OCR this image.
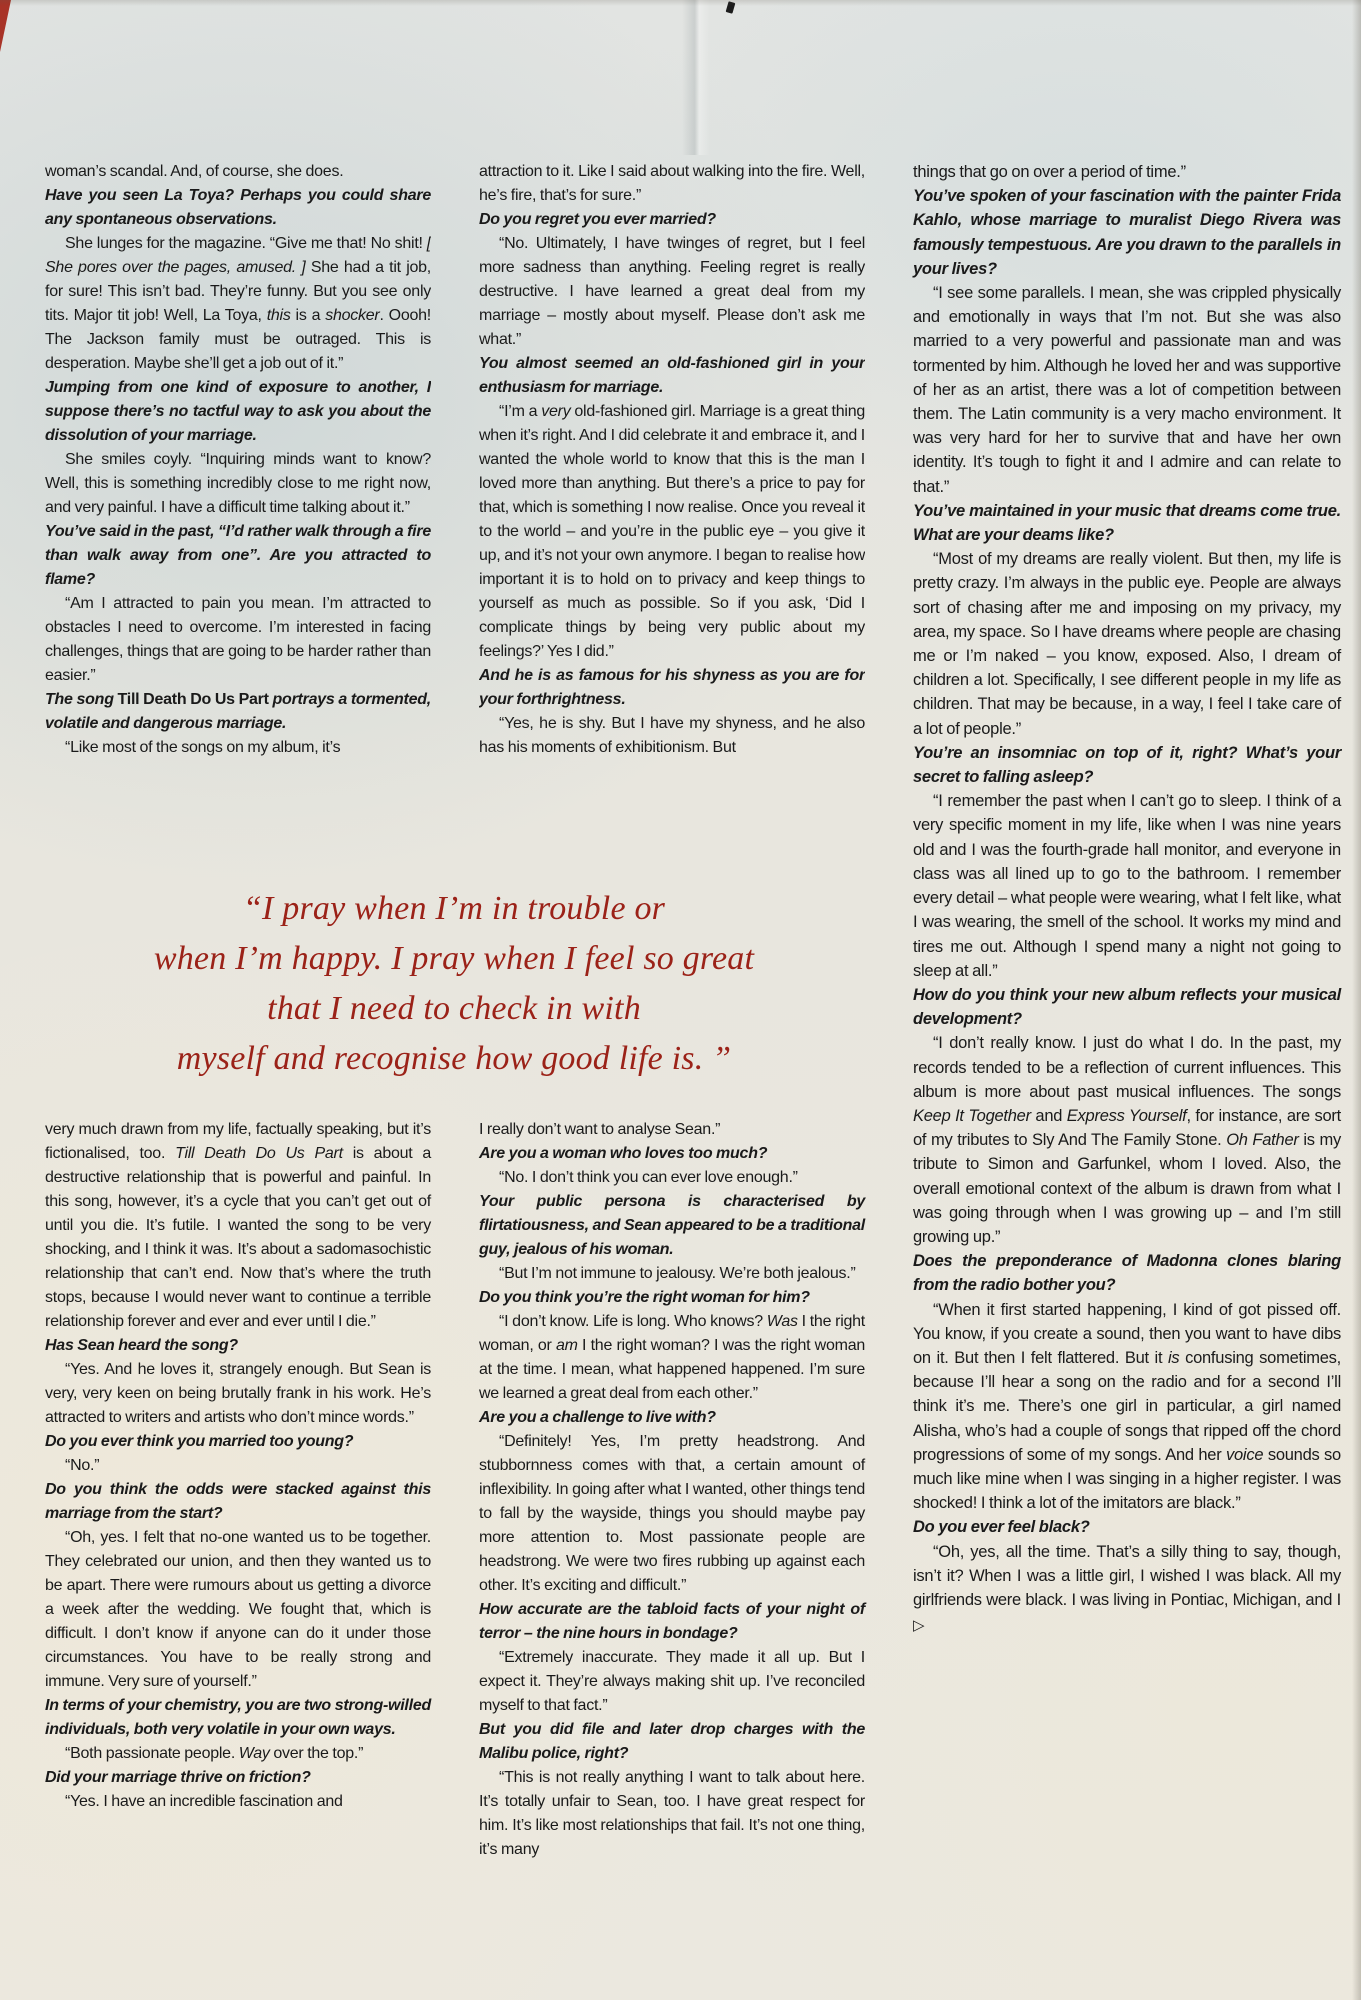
woman’s scandal. And, of course, she does.

Have you seen La Toya? Perhaps you could share any spontaneous observations.

She lunges for the magazine. “Give me that! No shit! [ She pores over the pages, amused. ] She had a tit job, for sure! This isn’t bad. They’re funny. But you see only tits. Major tit job! Well, La Toya, this is a shocker. Oooh! The Jackson family must be outraged. This is desperation. Maybe she’ll get a job out of it.”

Jumping from one kind of exposure to another, I suppose there’s no tactful way to ask you about the dissolution of your marriage.

She smiles coyly. “Inquiring minds want to know? Well, this is something incredibly close to me right now, and very painful. I have a difficult time talking about it.”

You’ve said in the past, “I’d rather walk through a fire than walk away from one”. Are you attracted to flame?

“Am I attracted to pain you mean. I’m attracted to obstacles I need to overcome. I’m interested in facing challenges, things that are going to be harder rather than easier.”

The song Till Death Do Us Part portrays a tormented, volatile and dangerous marriage.

“Like most of the songs on my album, it’s

attraction to it. Like I said about walking into the fire. Well, he’s fire, that’s for sure.”

Do you regret you ever married?

“No. Ultimately, I have twinges of regret, but I feel more sadness than anything. Feeling regret is really destructive. I have learned a great deal from my marriage – mostly about myself. Please don’t ask me what.”

You almost seemed an old-fashioned girl in your enthusiasm for marriage.

“I’m a very old-fashioned girl. Marriage is a great thing when it’s right. And I did celebrate it and embrace it, and I wanted the whole world to know that this is the man I loved more than anything. But there’s a price to pay for that, which is something I now realise. Once you reveal it to the world – and you’re in the public eye – you give it up, and it’s not your own anymore. I began to realise how important it is to hold on to privacy and keep things to yourself as much as possible. So if you ask, ‘Did I complicate things by being very public about my feelings?’ Yes I did.”

And he is as famous for his shyness as you are for your forthrightness.

“Yes, he is shy. But I have my shyness, and he also has his moments of exhibitionism. But

“I pray when I’m in trouble or
when I’m happy. I pray when I feel so great
that I need to check in with
myself and recognise how good life is. ”

very much drawn from my life, factually speaking, but it’s fictionalised, too. Till Death Do Us Part is about a destructive relationship that is powerful and painful. In this song, however, it’s a cycle that you can’t get out of until you die. It’s futile. I wanted the song to be very shocking, and I think it was. It’s about a sadomasochistic relationship that can’t end. Now that’s where the truth stops, because I would never want to continue a terrible relationship forever and ever and ever until I die.”

Has Sean heard the song?

“Yes. And he loves it, strangely enough. But Sean is very, very keen on being brutally frank in his work. He’s attracted to writers and artists who don’t mince words.”

Do you ever think you married too young?

“No.”

Do you think the odds were stacked against this marriage from the start?

“Oh, yes. I felt that no-one wanted us to be together. They celebrated our union, and then they wanted us to be apart. There were rumours about us getting a divorce a week after the wedding. We fought that, which is difficult. I don’t know if anyone can do it under those circumstances. You have to be really strong and immune. Very sure of yourself.”

In terms of your chemistry, you are two strong-willed individuals, both very volatile in your own ways.

“Both passionate people. Way over the top.”

Did your marriage thrive on friction?

“Yes. I have an incredible fascination and

I really don’t want to analyse Sean.”

Are you a woman who loves too much?

“No. I don’t think you can ever love enough.”

Your public persona is characterised by flirtatiousness, and Sean appeared to be a traditional guy, jealous of his woman.

“But I’m not immune to jealousy. We’re both jealous.”

Do you think you’re the right woman for him?

“I don’t know. Life is long. Who knows? Was I the right woman, or am I the right woman? I was the right woman at the time. I mean, what happened happened. I’m sure we learned a great deal from each other.”

Are you a challenge to live with?

“Definitely! Yes, I’m pretty headstrong. And stubbornness comes with that, a certain amount of inflexibility. In going after what I wanted, other things tend to fall by the wayside, things you should maybe pay more attention to. Most passionate people are headstrong. We were two fires rubbing up against each other. It’s exciting and difficult.”

How accurate are the tabloid facts of your night of terror – the nine hours in bondage?

“Extremely inaccurate. They made it all up. But I expect it. They’re always making shit up. I’ve reconciled myself to that fact.”

But you did file and later drop charges with the Malibu police, right?

“This is not really anything I want to talk about here. It’s totally unfair to Sean, too. I have great respect for him. It’s like most relationships that fail. It’s not one thing, it’s many

things that go on over a period of time.”

You’ve spoken of your fascination with the painter Frida Kahlo, whose marriage to muralist Diego Rivera was famously tempestuous. Are you drawn to the parallels in your lives?

“I see some parallels. I mean, she was crippled physically and emotionally in ways that I’m not. But she was also married to a very powerful and passionate man and was tormented by him. Although he loved her and was supportive of her as an artist, there was a lot of competition between them. The Latin community is a very macho environment. It was very hard for her to survive that and have her own identity. It’s tough to fight it and I admire and can relate to that.”

You’ve maintained in your music that dreams come true. What are your deams like?

“Most of my dreams are really violent. But then, my life is pretty crazy. I’m always in the public eye. People are always sort of chasing after me and imposing on my privacy, my area, my space. So I have dreams where people are chasing me or I’m naked – you know, exposed. Also, I dream of children a lot. Specifically, I see different people in my life as children. That may be because, in a way, I feel I take care of a lot of people.”

You’re an insomniac on top of it, right? What’s your secret to falling asleep?

“I remember the past when I can’t go to sleep. I think of a very specific moment in my life, like when I was nine years old and I was the fourth-grade hall monitor, and everyone in class was all lined up to go to the bathroom. I remember every detail – what people were wearing, what I felt like, what I was wearing, the smell of the school. It works my mind and tires me out. Although I spend many a night not going to sleep at all.”

How do you think your new album reflects your musical development?

“I don’t really know. I just do what I do. In the past, my records tended to be a reflection of current influences. This album is more about past musical influences. The songs Keep It Together and Express Yourself, for instance, are sort of my tributes to Sly And The Family Stone. Oh Father is my tribute to Simon and Garfunkel, whom I loved. Also, the overall emotional context of the album is drawn from what I was going through when I was growing up – and I’m still growing up.”

Does the preponderance of Madonna clones blaring from the radio bother you?

“When it first started happening, I kind of got pissed off. You know, if you create a sound, then you want to have dibs on it. But then I felt flattered. But it is confusing sometimes, because I’ll hear a song on the radio and for a second I’ll think it’s me. There’s one girl in particular, a girl named Alisha, who’s had a couple of songs that ripped off the chord progressions of some of my songs. And her voice sounds so much like mine when I was singing in a higher register. I was shocked! I think a lot of the imitators are black.”

Do you ever feel black?

“Oh, yes, all the time. That’s a silly thing to say, though, isn’t it? When I was a little girl, I wished I was black. All my girlfriends were black. I was living in Pontiac, Michigan, and I ▷
